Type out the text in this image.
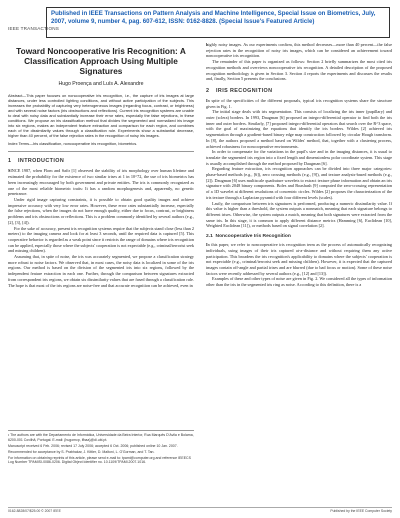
Published in IEEE Transactions on Pattern Analysis and Machine Intelligence, Special Issue on Biometrics, July, 2007, volume 9, number 4, pag. 607-612, ISSN: 0162-8828. (Special Issue's Featured Article)
IEEE TRANSACTIONS
Toward Noncooperative Iris Recognition: A Classification Approach Using Multiple Signatures
Hugo Proença and Luís A. Alexandre
Abstract—This paper focuses on noncooperative iris recognition, i.e., the capture of iris images at large distances, under less controlled lighting conditions, and without active participation of the subjects. This increases the probability of capturing very heterogeneous images (regarding focus, contrast, or brightness) and with several noise factors (iris obstructions and reflections). Current iris recognition systems are unable to deal with noisy data and substantially increase their error rates, especially the false rejections, in these conditions. We propose an iris classification method that divides the segmented and normalized iris image into six regions, makes an independent feature extraction and comparison for each region, and combines each of the dissimilarity values through a classification rule. Experiments show a substantial decrease, higher than 40 percent, of the false rejection rates in the recognition of noisy iris images.
Index Terms—Iris classification, noncooperative iris recognition, biometrics.
1 INTRODUCTION

SINCE 1987, when Flom and Safir [1] observed the stability of iris morphology over human lifetime and estimated the probability for the existence of two similar irises at 1 in 10^72, the use of iris biometrics has been increasingly encouraged by both government and private entities. The iris is commonly recognized as one of the most reliable biometric traits: It has a random morphogenesis and, apparently, no genetic penetrance.

Under rigid image capturing constraints, it is possible to obtain good quality images and achieve impressive accuracy with very low error rates. However, these error rates substantially increase, especially the false rejections, when the images do not have enough quality, either due to focus, contrast, or brightness problems and iris obstructions or reflections. This is a problem commonly identified by several authors (e.g., [2], [3], [4]).

For the sake of accuracy, present iris recognition systems require that the subjects stand close (less than 2 meters) to the imaging camera and look for at least 3 seconds, until the required data is captured [5]. This cooperative behavior is regarded as a weak point since it restricts the range of domains where iris recognition can be applied, especially those where the subjects' cooperation is not expectable (e.g., criminal/terrorist seek and missing children).

Assuming that, in spite of noise, the iris was accurately segmented, we propose a classification strategy more robust to noise factors. We observed that, in most cases, the noisy data is localized in some of the iris regions. Our method is based on the division of the segmented iris into six regions, followed by the independent feature extraction in each one. Further, through the comparison between signatures extracted from correspondent iris regions, we obtain six dissimilarity values that are fused through a classification rule. The hope is that most of the iris regions are noise-free and that accurate recognition can be achieved, even in

• The authors are with the Departamento de Informática, Universidade da Beira Interior, Rua Marquês D'Avila e Bolama, 6200-001 Covilhã, Portugal. E-mail: {hugomcp, lfbaa}@di.ubi.pt.

Manuscript received 6 Feb. 2006; revised 17 July 2006; accepted 6 Oct. 2006; published online 10 Jan. 2007.

Recommended for acceptance by S. Prabhakar, J. Kittler, D. Maltoni, L. O'Gorman, and T. Tan.

For information on obtaining reprints of this article, please send e-mail to: tpami@computer.org and reference IEEECS Log Number TPAMISI-0086-0206. Digital Object Identifier no. 10.1109/TPAMI.2007.1016.

highly noisy images. As our experiments confirm, this method decreases—more than 40 percent—the false rejection rates in the recognition of noisy iris images, which can be considered an achievement toward noncooperative iris recognition.

The remainder of this paper is organized as follows: Section 2 briefly summarizes the most cited iris recognition methods and overviews noncooperative iris recognition. A detailed description of the proposed recognition methodology is given in Section 3. Section 4 reports the experiments and discusses the results and, finally, Section 5 presents the conclusions.

2 IRIS RECOGNITION

In spite of the specificities of the different proposals, typical iris recognition systems share the structure given in Fig. 1.

The initial stage deals with iris segmentation. This consists of localizing the iris inner (pupillary) and outer (sclera) borders. In 1993, Daugman [6] proposed an integro-differential operator to find both the iris inner and outer borders. Similarly, [7] proposed integro-differential operators that search over the R^3 space, with the goal of maximizing the equations that identify the iris borders. Wildes [2] achieved iris segmentation through a gradient-based binary edge map construction followed by circular Hough transform. In [8], the authors proposed a method based on Wildes' method, that, together with a clustering process, achieved robustness for noncooperative environments.

In order to compensate for the variations in the pupil's size and in the imaging distances, it is usual to translate the segmented iris region into a fixed length and dimensionless polar coordinate system. This stage is usually accomplished through the method proposed by Daugman [6].

Regarding feature extraction, iris recognition approaches can be divided into three major categories: phase-based methods (e.g., [6]), zero crossing methods (e.g., [9]), and texture analysis-based methods (e.g., [2]). Daugman [6] uses multiscale quadrature wavelets to extract texture phase information and obtain an iris signature with 2048 binary components. Boles and Boashash [9] computed the zero-crossing representation of a 1D wavelet at different resolutions of concentric circles. Wildes [2] proposes the characterization of the iris texture through a Laplacian pyramid with four different levels (scales).

Lastly, the comparison between iris signatures is performed, producing a numeric dissimilarity value. If this value is higher than a threshold, the system outputs a nonmatch, meaning that each signature belongs to different irises. Otherwise, the system outputs a match, meaning that both signatures were extracted from the same iris. In this stage, it is common to apply different distance metrics (Hamming [6], Euclidean [10], Weighted Euclidean [11]), or methods based on signal correlation [2].

2.1 Noncooperative Iris Recognition

In this paper, we refer to noncooperative iris recognition term as the process of automatically recognizing individuals, using images of their iris captured at-a-distance and without requiring them any active participation. This broadens the iris recognition's applicability to domains where the subjects' cooperation is not expectable (e.g., criminal/terrorist seek and missing children). However, it is expected that the captured images contain off-angle and partial irises and are blurred (due to bad focus or motion). Some of these noise factors were recently addressed by several authors (e.g., [12] and [13]).

Examples of these and other types of noise are given in Fig. 2. We considered all the types of information other than the iris in the segmented iris ring as noise. According to this definition, there is a

0162-8828/07/$25.00 © 2007 IEEE	Published by the IEEE Computer Society
